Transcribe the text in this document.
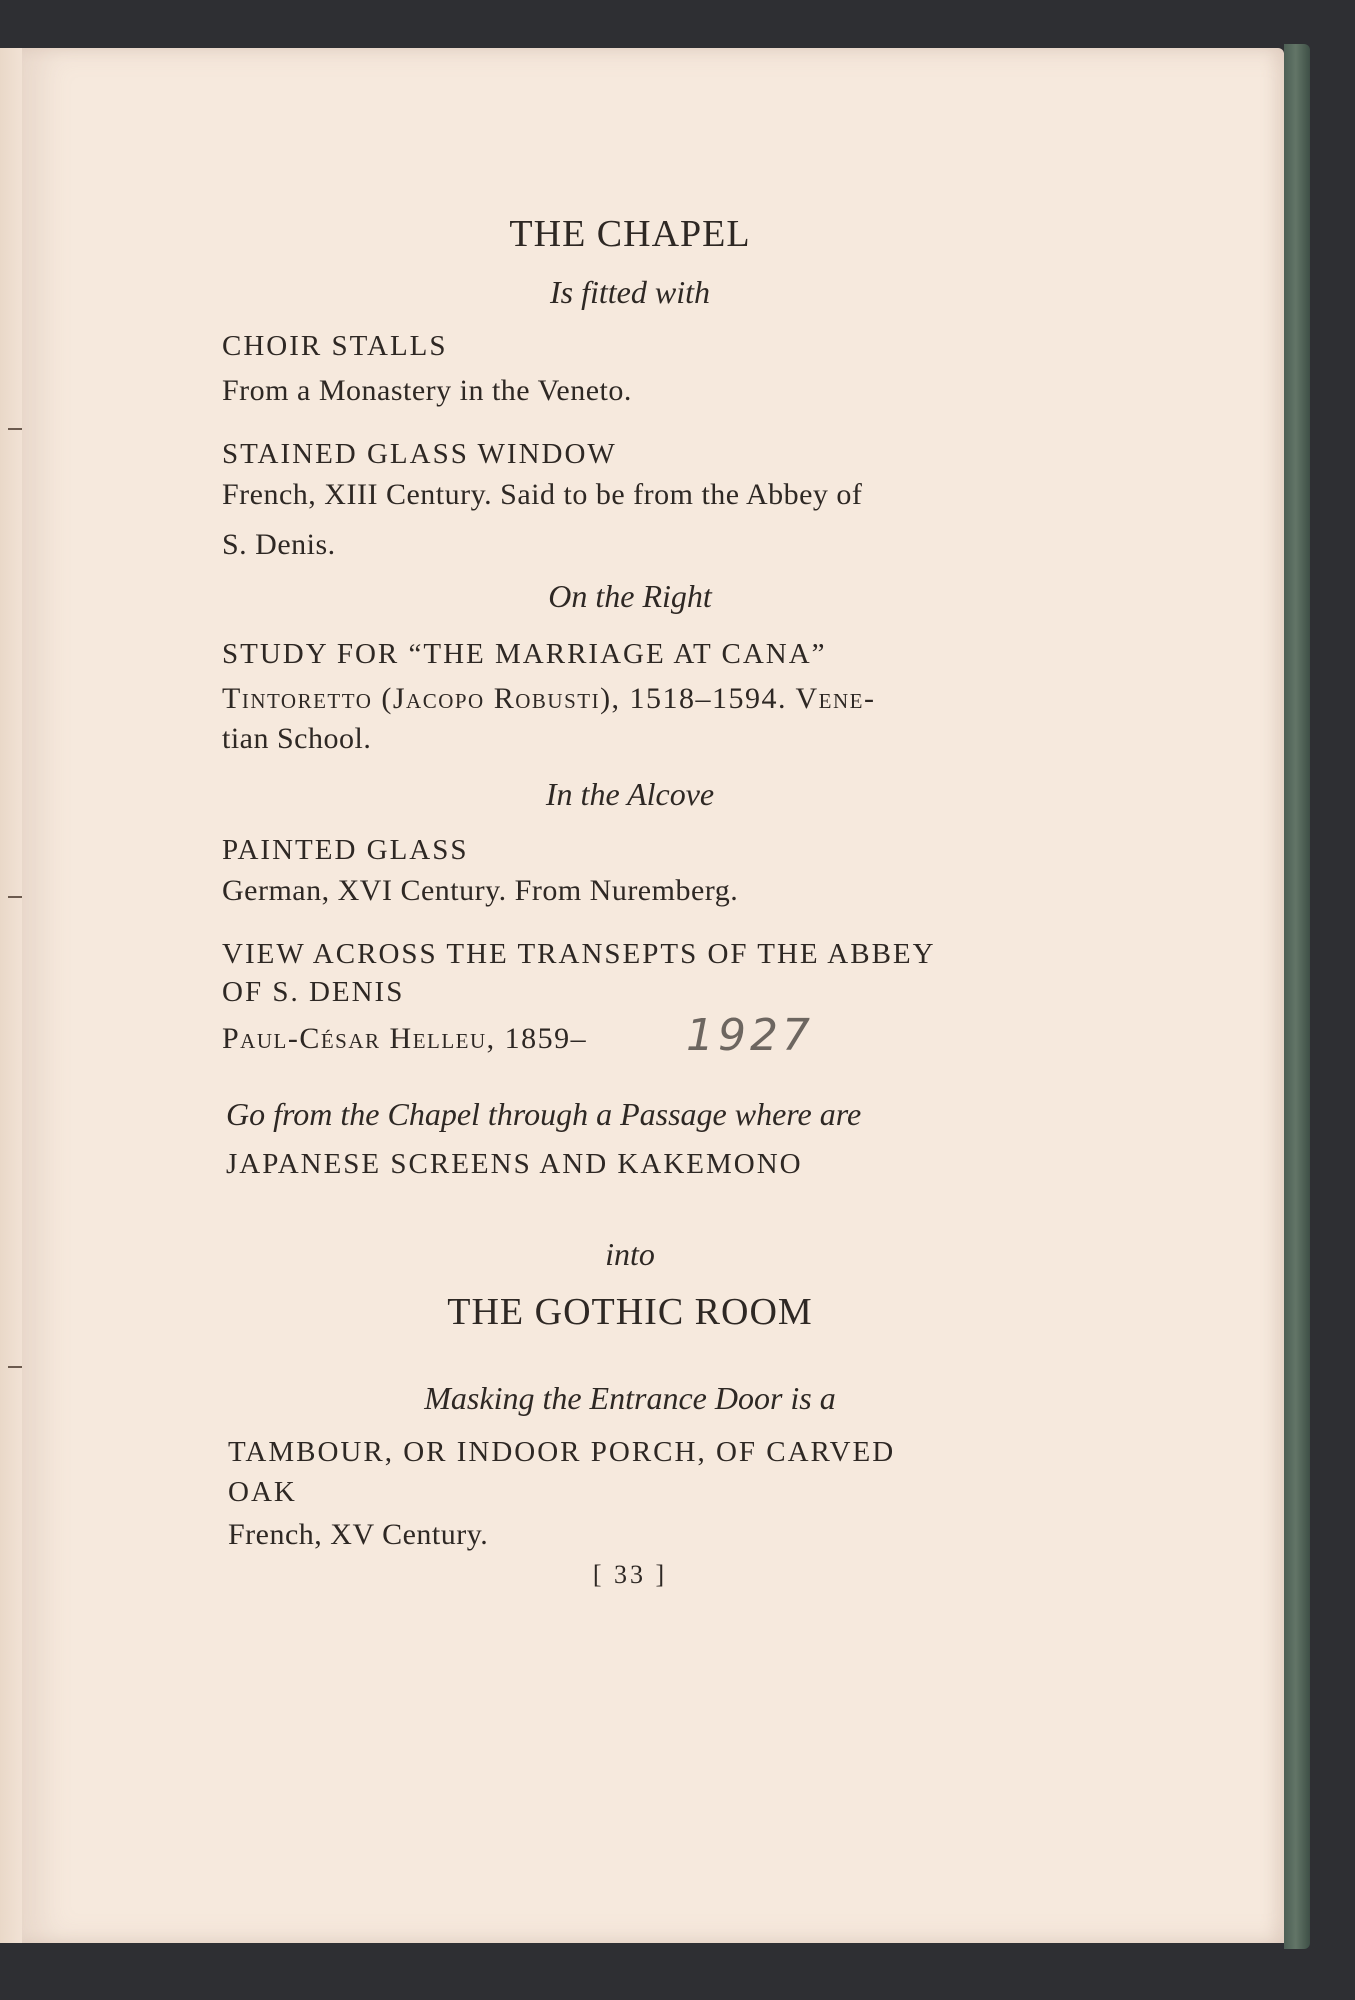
THE CHAPEL
Is fitted with
CHOIR STALLS
From a Monastery in the Veneto.
STAINED GLASS WINDOW
French, XIII Century. Said to be from the Abbey of
S. Denis.
On the Right
STUDY FOR “THE MARRIAGE AT CANA”
Tintoretto (Jacopo Robusti), 1518–1594. Vene-
tian School.
In the Alcove
PAINTED GLASS
German, XVI Century. From Nuremberg.
VIEW ACROSS THE TRANSEPTS OF THE ABBEY
OF S. DENIS
Paul-César Helleu, 1859– 1927
Go from the Chapel through a Passage where are
JAPANESE SCREENS AND KAKEMONO
into
THE GOTHIC ROOM
Masking the Entrance Door is a
TAMBOUR, OR INDOOR PORCH, OF CARVED
OAK
French, XV Century.
[ 33 ]
